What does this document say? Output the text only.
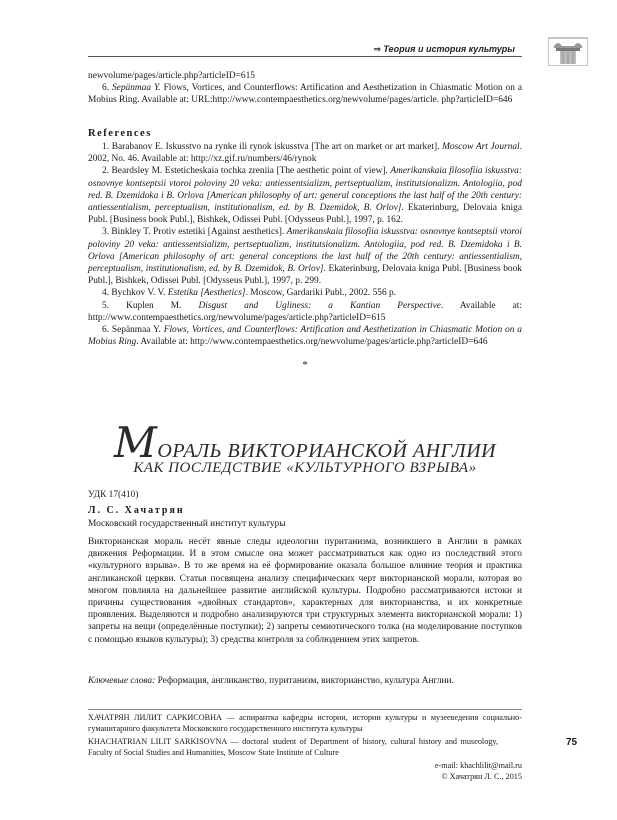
⇒ Теория и история культуры
newvolume/pages/article.php?articleID=615
6. Sepänmaa Y. Flows, Vortices, and Counterflows: Artification and Aesthetization in Chiasmatic Motion on a Mobius Ring. Available at: URL:http://www.contempaesthetics.org/newvolume/pages/article. php?articleID=646
References
1. Barabanov E. Iskusstvo na rynke ili rynok iskusstva [The art on market or art market]. Moscow Art Journal. 2002, No. 46. Available at: http://xz.gif.ru/numbers/46/rynok
2. Beardsley M. Esteticheskaia tochka zreniia [The aesthetic point of view]. Amerikanskaia filosofiia iskusstva: osnovnye kontseptsii vtoroi poloviny 20 veka: antiessentsializm, pertseptualizm, institutsionalizm. Antologiia, pod red. B. Dzemidoka i B. Orlova [American philosophy of art: general conceptions the last half of the 20th century: antiessentialism, perceptualism, institutionalism, ed. by B. Dzemidok, B. Orlov]. Ekaterinburg, Delovaia kniga Publ. [Business book Publ.], Bishkek, Odissei Publ. [Odysseus Publ.], 1997, p. 162.
3. Binkley T. Protiv estetiki [Against aesthetics]. Amerikanskaia filosofiia iskusstva: osnovnye kontseptsii vtoroi poloviny 20 veka: antiessentsializm, pertseptualizm, institutsionalizm. Antologiia, pod red. B. Dzemidoka i B. Orlova [American philosophy of art: general conceptions the last half of the 20th century: antiessentialism, perceptualism, institutionalism, ed. by B. Dzemidok, B. Orlov]. Ekaterinburg, Delovaia kniga Publ. [Business book Publ.], Bishkek, Odissei Publ. [Odysseus Publ.], 1997, p. 299.
4. Bychkov V. V. Estetika [Aesthetics]. Moscow, Gardariki Publ., 2002. 556 p.
5. Kuplen M. Disgust and Ugliness: a Kantian Perspective. Available at: http://www.contempaesthetics.org/newvolume/pages/article.php?articleID=615
6. Sepänmaa Y. Flows, Vortices, and Counterflows: Artification and Aesthetization in Chiasmatic Motion on a Mobius Ring. Available at: http://www.contempaesthetics.org/newvolume/pages/article.php?articleID=646
*
МОРАЛЬ ВИКТОРИАНСКОЙ АНГЛИИ
КАК ПОСЛЕДСТВИЕ «КУЛЬТУРНОГО ВЗРЫВА»
УДК 17(410)
Л. С. Хачатрян
Московский государственный институт культуры
Викторианская мораль несёт явные следы идеологии пуританизма, возникшего в Англии в рамках движения Реформации. И в этом смысле она может рассматриваться как одно из последствий этого «культурного взрыва». В то же время на её формирование оказала большое влияние теория и практика англиканской церкви. Статья посвящена анализу специфических черт викторианской морали, которая во многом повлияла на дальнейшее развитие английской культуры. Подробно рассматриваются истоки и причины существования «двойных стандартов», характерных для викторианства, и их конкретные проявления. Выделяются и подробно анализируются три структурных элемента викторианской морали: 1) запреты на вещи (определённые поступки); 2) запреты семиотического толка (на моделирование поступков с помощью языков культуры); 3) средства контроля за соблюдением этих запретов.
Ключевые слова: Реформация, англиканство, пуританизм, викторианство, культура Англии.
ХАЧАТРЯН ЛИЛИТ САРКИСОВНА — аспирантка кафедры истории, истории культуры и музееведения социально-гуманитарного факультета Московского государственного института культуры
KHACHATRIAN LILIT SARKISOVNA — doctoral student of Department of history, cultural history and museology, Faculty of Social Studies and Humanities, Moscow State Institute of Culture
75
e-mail: khachlilit@mail.ru
© Хачатрян Л. С., 2015
